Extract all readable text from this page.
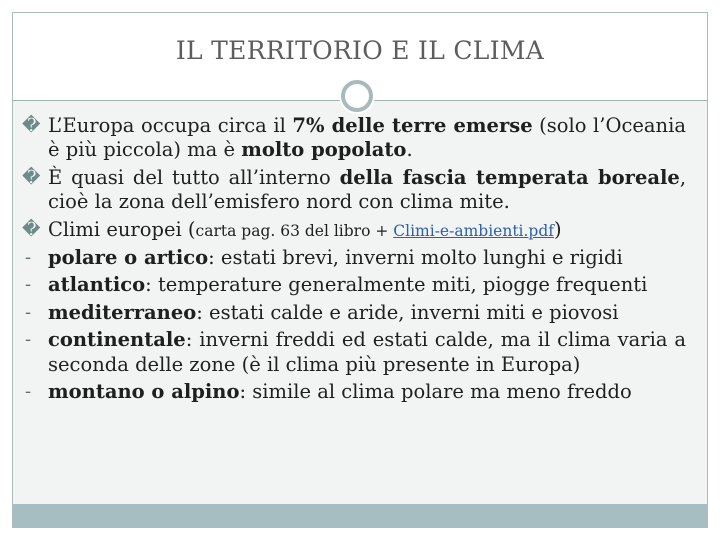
IL TERRITORIO E IL CLIMA
� L’Europa occupa circa il 7% delle terre emerse (solo l’Oceania è più piccola) ma è molto popolato.
� È quasi del tutto all’interno della fascia temperata boreale, cioè la zona dell’emisfero nord con clima mite.
� Climi europei (carta pag. 63 del libro + Climi-e-ambienti.pdf)
- polare o artico: estati brevi, inverni molto lunghi e rigidi
- atlantico: temperature generalmente miti, piogge frequenti
- mediterraneo: estati calde e aride, inverni miti e piovosi
- continentale: inverni freddi ed estati calde, ma il clima varia a seconda delle zone (è il clima più presente in Europa)
- montano o alpino: simile al clima polare ma meno freddo
